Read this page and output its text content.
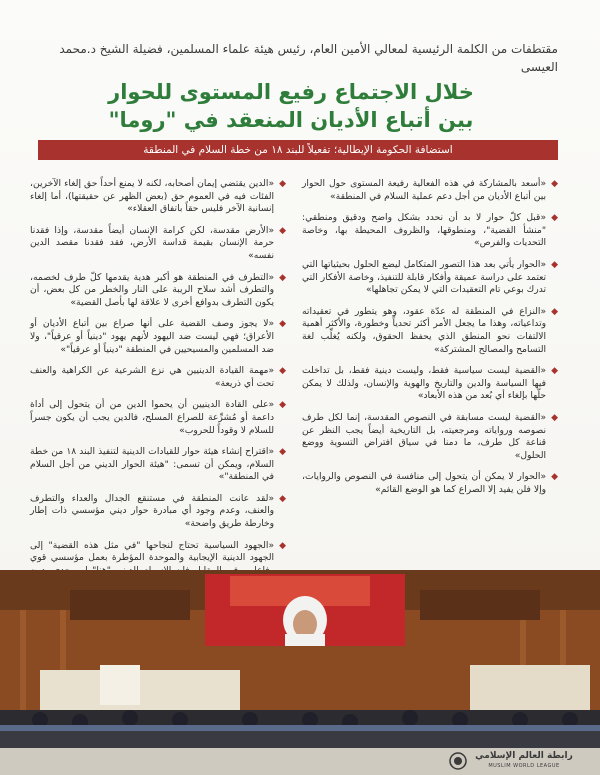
مقتطفات من الكلمة الرئيسية لمعالي الأمين العام، رئيس هيئة علماء المسلمين، فضيلة الشيخ د.محمد العيسى
خلال الاجتماع رفيع المستوى للحوار
بين أتباع الأديان المنعقد في "روما"
استضافة الحكومة الإيطالية؛ تفعيلاً للبند ١٨ من خطة السلام في المنطقة
◆
«أسعد بالمشاركة في هذه الفعالية رفيعة المستوى حول الحوار بين أتباع الأديان من أجل دعم عملية السلام في المنطقة»
◆
«قبل كلّ حوار لا بد أن نحدد بشكل واضح ودقيق ومنطقي: "منشأ القضية"، ومنطوقها، والظروف المحيطة بها، وخاصة التحديات والفرص»
◆
«الحوار يأتي بعد هذا التصور المتكامل ليضع الحلول بحيثياتها التي تعتمد على دراسة عميقة وأفكار قابلة للتنفيذ، وخاصة الأفكار التي تدرك بوعي تام التعقيدات التي لا يمكن تجاهلها»
◆
«النزاع في المنطقة له عدّة عقود، وهو يتطور في تعقيداته وتداعياته، وهذا ما يجعل الأمر أكثر تحدياً وخطورة، والأكثر أهمية الالتفات نحو المنطق الذي يحفظ الحقوق، ولكنه يُغلِّب لغة التسامح والمصالح المشتركة»
◆
«القضية ليست سياسية فقط، وليست دينية فقط، بل تداخلت فيها السياسة والدين والتاريخ والهوية والإنسان، ولذلك لا يمكن حلّها بإلغاء أي بُعد من هذه الأبعاد»
◆
«القضية ليست مسابقة في النصوص المقدسة، إنما لكل طرف نصوصه ورواياته ومرجعيته، بل التاريخية أيضاً يجب النظر عن قناعة كل طرف، ما دمنا في سياق افتراض التسوية ووضع الحلول»
◆
«الحوار لا يمكن أن يتحول إلى منافسة في النصوص والروايات، وإلا فلن يفيد إلا الصراع كما هو الوضع القائم»
◆
«الدين يقتضي إيمان أصحابه، لكنه لا يمنع أحداً حق إلغاء الآخرين، الفئات فيه في العموم حق (بعض الظهر عن حقيقتها)، أما إلغاء إنسانية الآخر فليس حقاً باتفاق العقلاء»
◆
«الأرض مقدسة، لكن كرامة الإنسان أيضاً مقدسة، وإذا فقدنا حرمة الإنسان بقيمة قداسة الأرض، فقد فقدنا مقصد الدين نفسه»
◆
«التطرف في المنطقة هو أكبر هدية يقدمها كلّ طرف لخصمه، والتطرف أشد سلاح الريبة على النار والخطر من كل بعض، أن يكون التطرف بدوافع أخرى لا علاقة لها بأصل القضية»
◆
«لا يجوز وصف القضية على أنها صراع بين أتباع الأديان أو الأعراق؛ فهي ليست ضد اليهود لأنهم يهود "دينياً أو عرقياً"، ولا ضد المسلمين والمسيحيين في المنطقة "دينياً أو عرقياً"»
◆
«مهمة القيادة الدينيين هي نزع الشرعية عن الكراهية والعنف تحت أي ذريعة»
◆
«على القادة الدينيين أن يحموا الدين من أن يتحول إلى أداة داعمة أو مُشرِّعة للصراع المسلح، فالدين يجب أن يكون جسراً للسلام لا وقوداً للحروب»
◆
«اقتراح إنشاء هيئة حوار للقيادات الدينية لتنفيذ البند ١٨ من خطة السلام، ويمكن أن تسمى: "هيئة الحوار الديني من أجل السلام في المنطقة"»
◆
«لقد عانت المنطقة في مستنقع الجدال والعداء والتطرف والعنف، وعدم وجود أي مبادرة حوار ديني مؤسسي ذات إطار وخارطة طريق واضحة»
◆
«الجهود السياسية تحتاج لنجاحها "في مثل هذه القضية" إلى الجهود الدينية الإيجابية والموحدة المؤطرة بعمل مؤسسي قوي
رابطة العالم الإسلامي
MUSLIM WORLD LEAGUE
